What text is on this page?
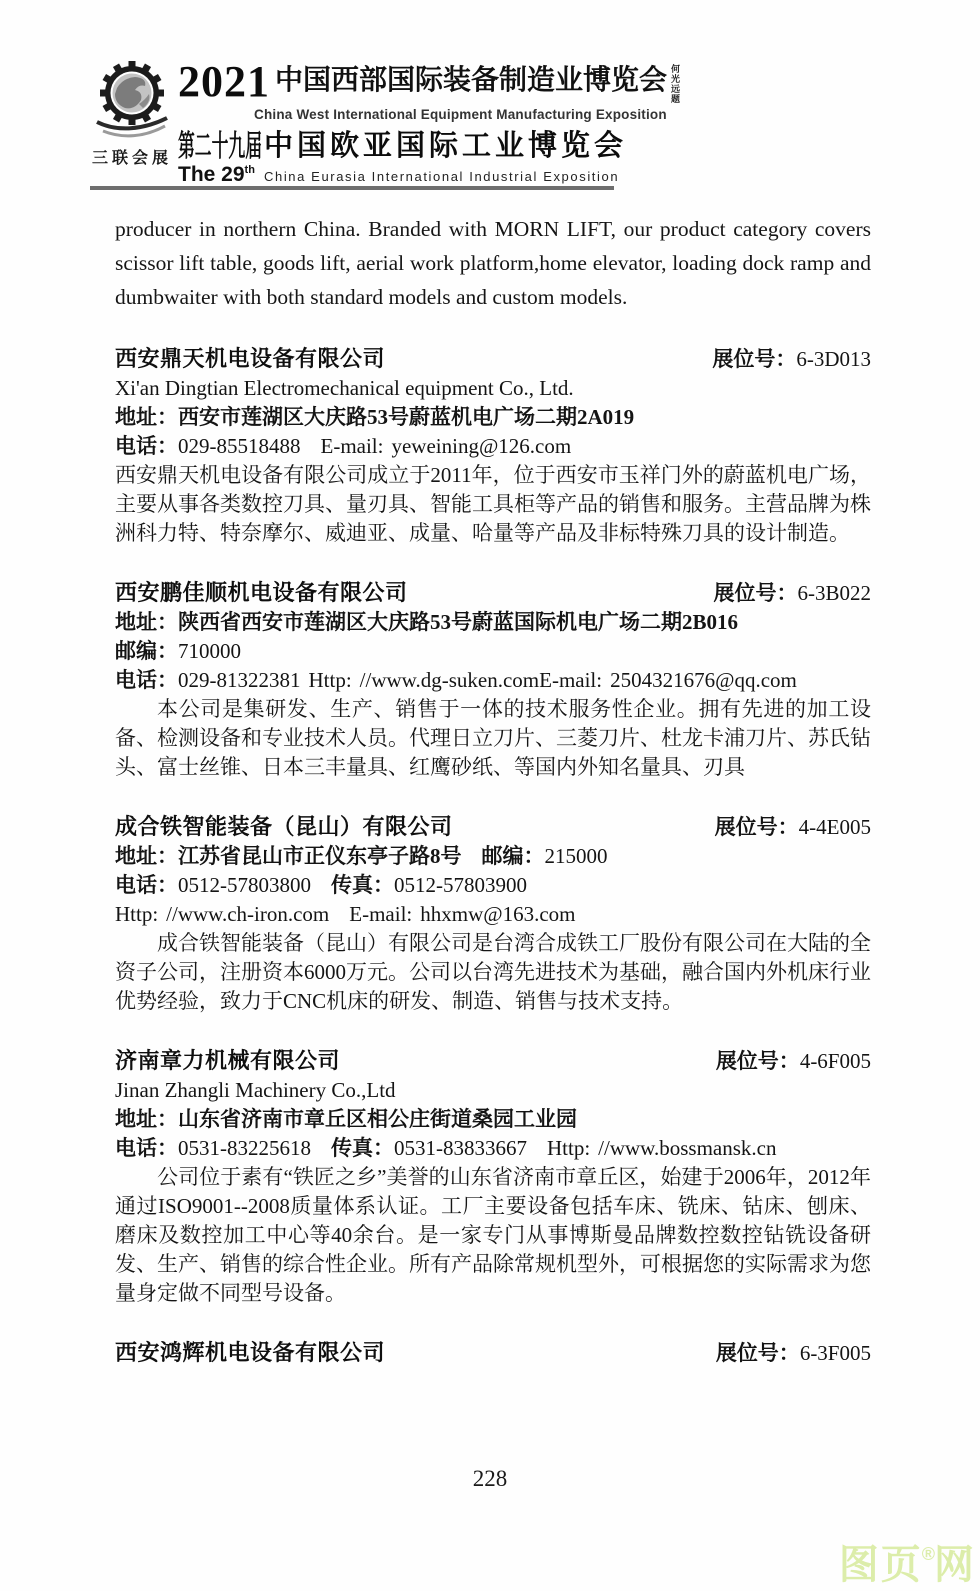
三联会展
2021 中国西部国际装备制造业博览会 何光远题
China West International Equipment Manufacturing Exposition
第二十九届 中国欧亚国际工业博览会
The 29th China Eurasia International Industrial Exposition

producer in northern China. Branded with MORN LIFT, our product category covers scissor lift table, goods lift, aerial work platform,home elevator, loading dock ramp and dumbwaiter with both standard models and custom models.

西安鼎天机电设备有限公司	展位号：6-3D013
Xi'an Dingtian Electromechanical equipment Co., Ltd.
地址：西安市莲湖区大庆路53号蔚蓝机电广场二期2A019
电话：029-85518488 E-mail: yeweining@126.com

西安鼎天机电设备有限公司成立于2011年，位于西安市玉祥门外的蔚蓝机电广场，主要从事各类数控刀具、量刃具、智能工具柜等产品的销售和服务。主营品牌为株洲科力特、特奈摩尔、威迪亚、成量、哈量等产品及非标特殊刀具的设计制造。

西安鹏佳顺机电设备有限公司	展位号：6-3B022
地址：陕西省西安市莲湖区大庆路53号蔚蓝国际机电广场二期2B016
邮编：710000
电话：029-81322381 Http: //www.dg-suken.comE-mail: 2504321676@qq.com

本公司是集研发、生产、销售于一体的技术服务性企业。拥有先进的加工设备、检测设备和专业技术人员。代理日立刀片、三菱刀片、杜龙卡浦刀片、苏氏钻头、富士丝锥、日本三丰量具、红鹰砂纸、等国内外知名量具、刃具

成合铁智能装备（昆山）有限公司	展位号：4-4E005
地址：江苏省昆山市正仪东亭子路8号 邮编：215000
电话：0512-57803800 传真：0512-57803900
Http: //www.ch-iron.com E-mail: hhxmw@163.com

成合铁智能装备（昆山）有限公司是台湾合成铁工厂股份有限公司在大陆的全资子公司，注册资本6000万元。公司以台湾先进技术为基础，融合国内外机床行业优势经验，致力于CNC机床的研发、制造、销售与技术支持。

济南章力机械有限公司	展位号：4-6F005
Jinan Zhangli Machinery Co.,Ltd
地址：山东省济南市章丘区相公庄街道桑园工业园
电话：0531-83225618 传真：0531-83833667 Http: //www.bossmansk.cn

公司位于素有“铁匠之乡”美誉的山东省济南市章丘区，始建于2006年，2012年通过ISO9001--2008质量体系认证。工厂主要设备包括车床、铣床、钻床、刨床、磨床及数控加工中心等40余台。是一家专门从事博斯曼品牌数控数控钻铣设备研发、生产、销售的综合性企业。所有产品除常规机型外，可根据您的实际需求为您量身定做不同型号设备。

西安鸿辉机电设备有限公司	展位号：6-3F005
228
图页®网
